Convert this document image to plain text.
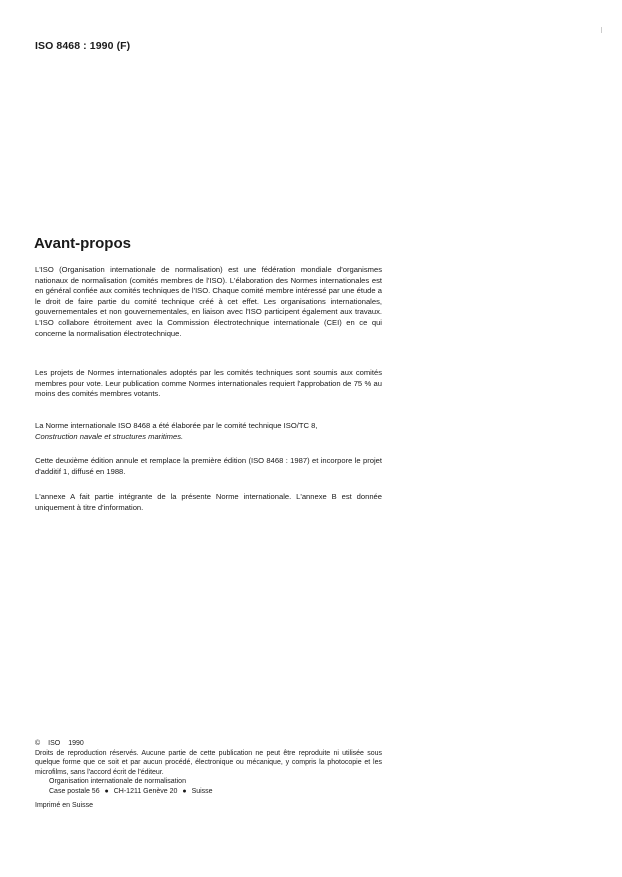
ISO 8468 : 1990 (F)
Avant-propos

L'ISO (Organisation internationale de normalisation) est une fédération mondiale d'organismes nationaux de normalisation (comités membres de l'ISO). L'élaboration des Normes internationales est en général confiée aux comités techniques de l'ISO. Chaque comité membre intéressé par une étude a le droit de faire partie du comité technique créé à cet effet. Les organisations internationales, gouvernementales et non gouvernementales, en liaison avec l'ISO participent également aux travaux. L'ISO collabore étroitement avec la Commission électrotechnique internationale (CEI) en ce qui concerne la normalisation électrotechnique.

Les projets de Normes internationales adoptés par les comités techniques sont soumis aux comités membres pour vote. Leur publication comme Normes internationales requiert l'approbation de 75 % au moins des comités membres votants.

La Norme internationale ISO 8468 a été élaborée par le comité technique ISO/TC 8,
Construction navale et structures maritimes.

Cette deuxième édition annule et remplace la première édition (ISO 8468 : 1987) et incorpore le projet d'additif 1, diffusé en 1988.

L'annexe A fait partie intégrante de la présente Norme internationale. L'annexe B est donnée uniquement à titre d'information.

© ISO 1990

Droits de reproduction réservés. Aucune partie de cette publication ne peut être reproduite ni utilisée sous quelque forme que ce soit et par aucun procédé, électronique ou mécanique, y compris la photocopie et les microfilms, sans l'accord écrit de l'éditeur.

Organisation internationale de normalisation
Case postale 56 ● CH-1211 Genève 20 ● Suisse
Imprimé en Suisse
